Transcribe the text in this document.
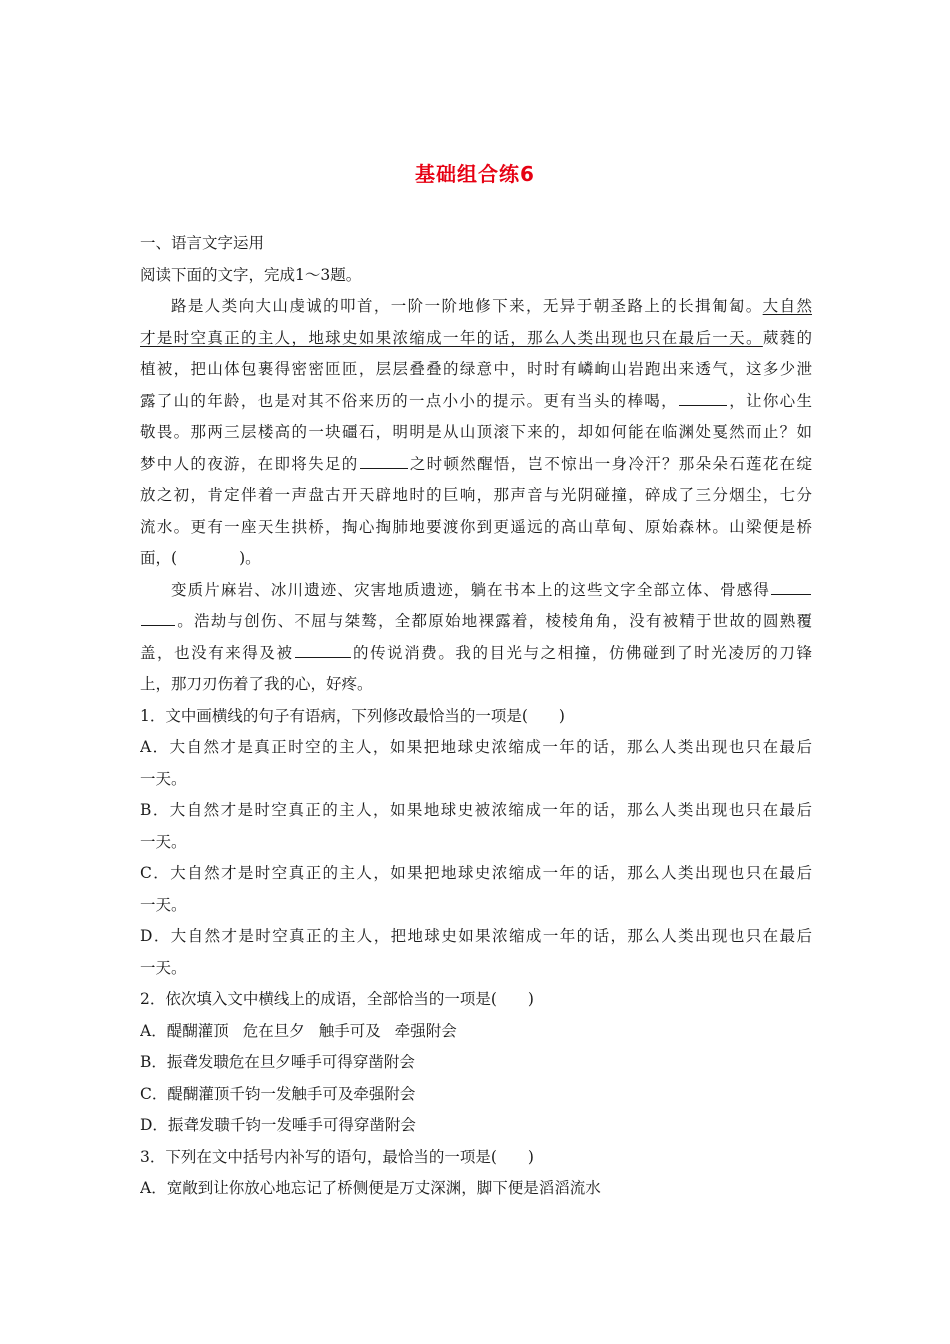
基础组合练6
一、语言文字运用
阅读下面的文字，完成1～3题。
路是人类向大山虔诚的叩首，一阶一阶地修下来，无异于朝圣路上的长揖匍匐。大自然
才是时空真正的主人，地球史如果浓缩成一年的话，那么人类出现也只在最后一天。葳蕤的
植被，把山体包裹得密密匝匝，层层叠叠的绿意中，时时有嶙峋山岩跑出来透气，这多少泄
露了山的年龄，也是对其不俗来历的一点小小的提示。更有当头的棒喝，	，让你心生
敬畏。那两三层楼高的一块礓石，明明是从山顶滚下来的，却如何能在临渊处戛然而止？如
梦中人的夜游，在即将失足的	之时顿然醒悟，岂不惊出一身冷汗？那朵朵石莲花在绽
放之初，肯定伴着一声盘古开天辟地时的巨响，那声音与光阴碰撞，碎成了三分烟尘，七分
流水。更有一座天生拱桥，掏心掏肺地要渡你到更遥远的高山草甸、原始森林。山梁便是桥
面，(	)。
变质片麻岩、冰川遗迹、灾害地质遗迹，躺在书本上的这些文字全部立体、骨感得
。浩劫与创伤、不屈与桀骜，全都原始地裸露着，棱棱角角，没有被精于世故的圆熟覆
盖，也没有来得及被	的传说消费。我的目光与之相撞，仿佛碰到了时光凌厉的刀锋
上，那刀刃伤着了我的心，好疼。
1．文中画横线的句子有语病，下列修改最恰当的一项是(　　)
A．大自然才是真正时空的主人，如果把地球史浓缩成一年的话，那么人类出现也只在最后
一天。
B．大自然才是时空真正的主人，如果地球史被浓缩成一年的话，那么人类出现也只在最后
一天。
C．大自然才是时空真正的主人，如果把地球史浓缩成一年的话，那么人类出现也只在最后
一天。
D．大自然才是时空真正的主人，把地球史如果浓缩成一年的话，那么人类出现也只在最后
一天。
2．依次填入文中横线上的成语，全部恰当的一项是(　　)
A．醍醐灌顶 危在旦夕 触手可及 牵强附会
B．振聋发聩危在旦夕唾手可得穿凿附会
C．醍醐灌顶千钧一发触手可及牵强附会
D．振聋发聩千钧一发唾手可得穿凿附会
3．下列在文中括号内补写的语句，最恰当的一项是(　　)
A．宽敞到让你放心地忘记了桥侧便是万丈深渊，脚下便是滔滔流水
